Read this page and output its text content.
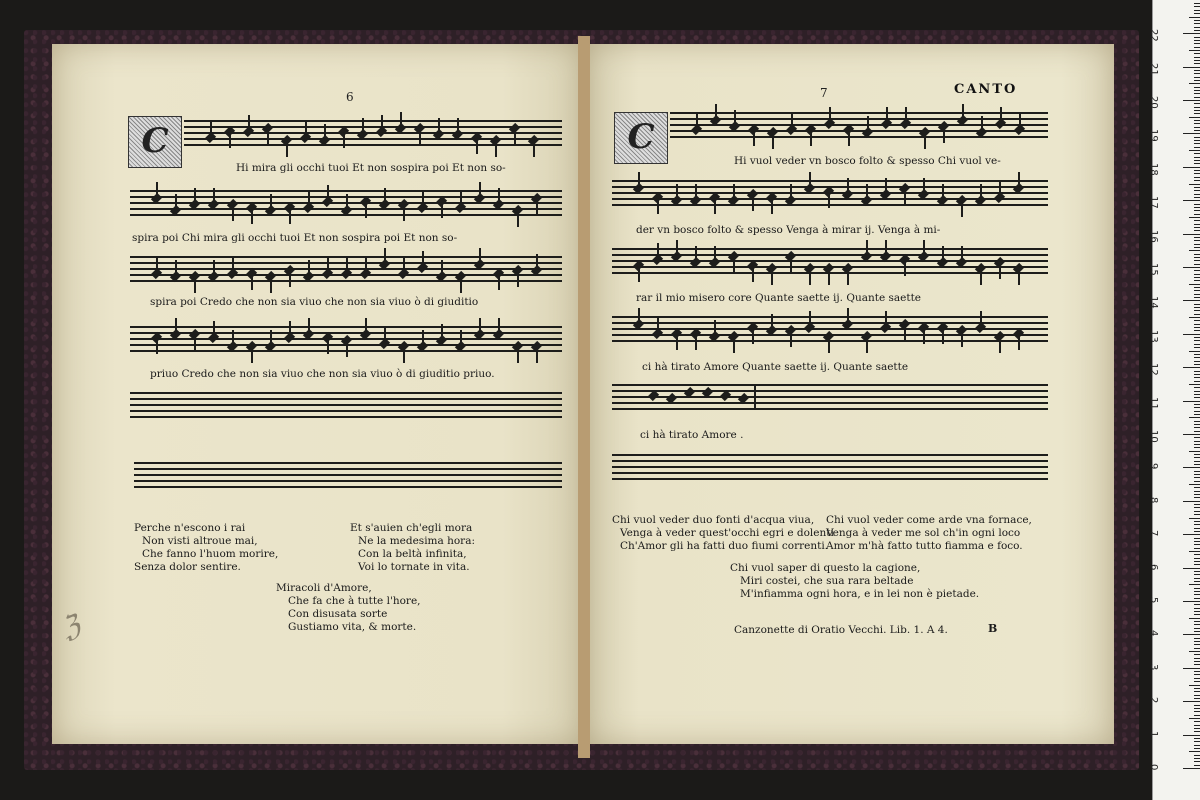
6
C
Hi mira gli occhi tuoi Et non sospira poi Et non so-
spira poi Chi mira gli occhi tuoi Et non sospira poi Et non so-
spira poi Credo che non sia viuo che non sia viuo ò di giuditio
priuo Credo che non sia viuo che non sia viuo ò di giuditio priuo.
Perche n'escono i rai
Non visti altroue mai,
Che fanno l'huom morire,
Senza dolor sentire.
Et s'auien ch'egli mora
Ne la medesima hora:
Con la beltà infinita,
Voi lo tornate in vita.
Miracoli d'Amore,
Che fa che à tutte l'hore,
Con disusata sorte
Gustiamo vita, & morte.
ℨ
7	CANTO
C
Hi vuol veder vn bosco folto & spesso Chi vuol ve-
der vn bosco folto & spesso Venga à mirar ij. Venga à mi-
rar il mio misero core Quante saette ij. Quante saette
ci hà tirato Amore Quante saette ij. Quante saette
ci hà tirato Amore .
Chi vuol veder duo fonti d'acqua viua,
Venga à veder quest'occhi egri e dolenti
Ch'Amor gli ha fatti duo fiumi correnti.
Chi vuol veder come arde vna fornace,
Venga à veder me sol ch'in ogni loco
Amor m'hà fatto tutto fiamma e foco.
Chi vuol saper di questo la cagione,
Miri costei, che sua rara beltade
M'infiamma ogni hora, e in lei non è pietade.
Canzonette di Oratio Vecchi. Lib. 1. A 4.	B
0
1
2
3
4
5
6
7
8
9
10
11
12
13
14
15
16
17
18
19
20
21
22
